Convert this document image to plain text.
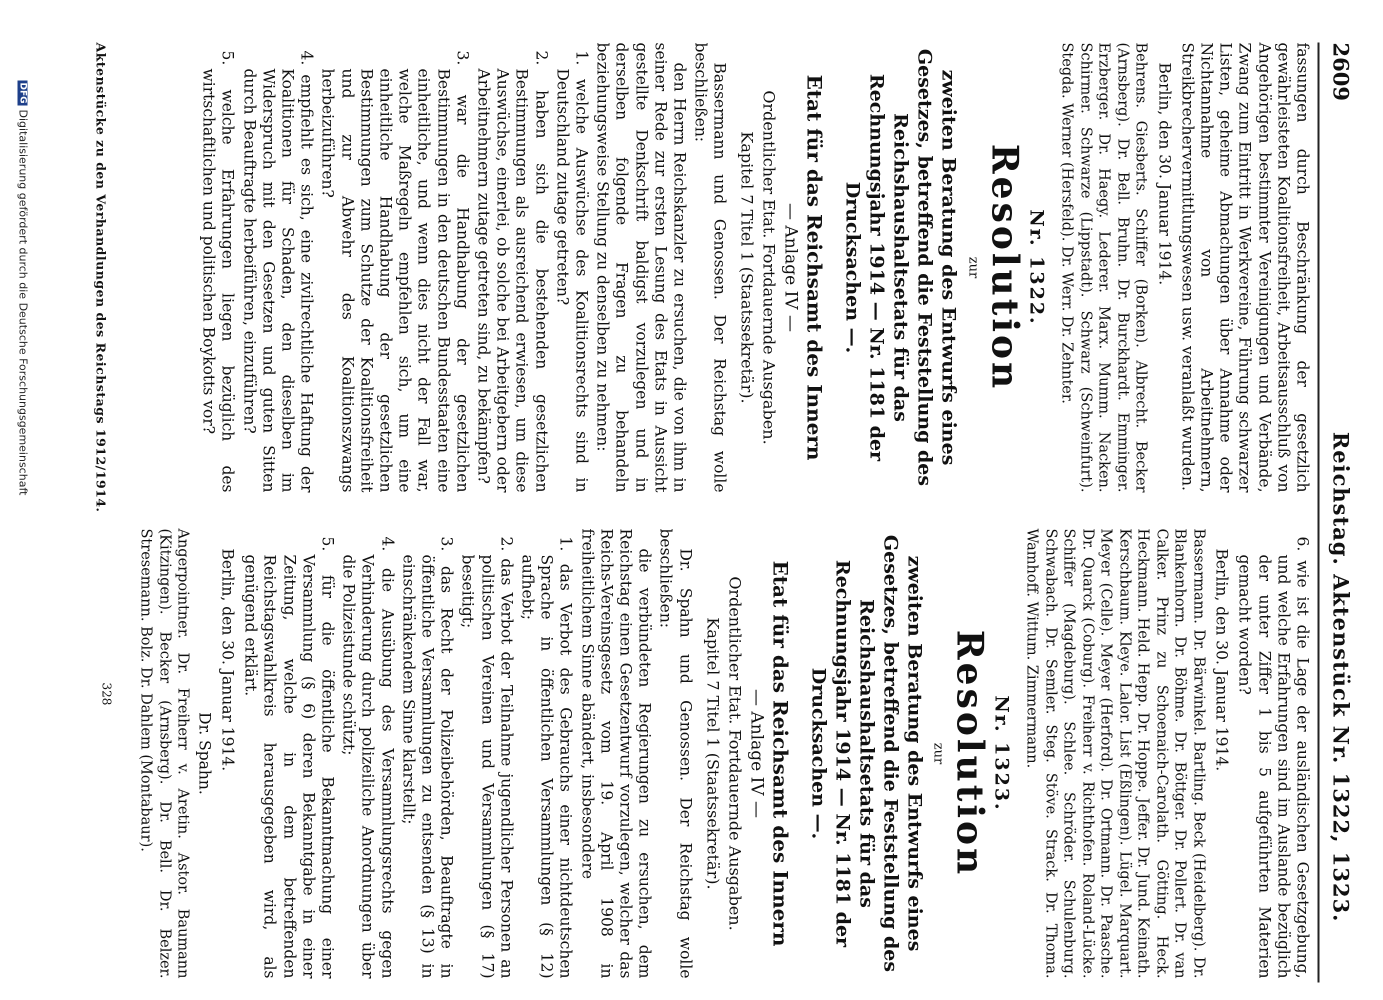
2609
Reichstag. Aktenstück Nr. 1322, 1323.

fassungen durch Beschränkung der gesetzlich gewährleisteten Koalitionsfreiheit, Arbeitsausschluß von Angehörigen bestimmter Vereinigungen und Verbände, Zwang zum Eintritt in Werkvereine, Führung schwarzer Listen, geheime Abmachungen über Annahme oder Nichtannahme von Arbeitnehmern, Streikbrechervermittlungswesen usw. veranlaßt wurden.

Berlin, den 30. Januar 1914.

Behrens. Giesberts. Schiffer (Borken). Albrecht. Becker (Arnsberg). Dr. Bell. Bruhn. Dr. Burckhardt. Emminger. Erzberger. Dr. Haegy. Lederer. Marx. Mumm. Nacken. Schirmer. Schwarze (Lippstadt). Schwarz (Schweinfurt). Stegda. Werner (Hersfeld). Dr. Werr. Dr. Zehnter.

Nr. 1322.

Resolution

zur

zweiten Beratung des Entwurfs eines Gesetzes, betreffend die Feststellung des Reichshaushaltsetats für das Rechnungsjahr 1914 — Nr. 1181 der Drucksachen —.

Etat für das Reichsamt des Innern

— Anlage IV —

Ordentlicher Etat. Fortdauernde Ausgaben.

Kapitel 7 Titel 1 (Staatssekretär).

Bassermann und Genossen. Der Reichstag wolle beschließen:

den Herrn Reichskanzler zu ersuchen, die von ihm in seiner Rede zur ersten Lesung des Etats in Aussicht gestellte Denkschrift baldigst vorzulegen und in derselben folgende Fragen zu behandeln beziehungsweise Stellung zu denselben zu nehmen:

1. welche Auswüchse des Koalitionsrechts sind in Deutschland zutage getreten?

2. haben sich die bestehenden gesetzlichen Bestimmungen als ausreichend erwiesen, um diese Auswüchse, einerlei, ob solche bei Arbeitgebern oder Arbeitnehmern zutage getreten sind, zu bekämpfen?

3. war die Handhabung der gesetzlichen Bestimmungen in den deutschen Bundesstaaten eine einheitliche, und wenn dies nicht der Fall war, welche Maßregeln empfehlen sich, um eine einheitliche Handhabung der gesetzlichen Bestimmungen zum Schutze der Koalitionsfreiheit und zur Abwehr des Koalitionszwangs herbeizuführen?

4. empfiehlt es sich, eine zivilrechtliche Haftung der Koalitionen für Schaden, den dieselben im Widerspruch mit den Gesetzen und guten Sitten durch Beauftragte herbeiführen, einzuführen?

5. welche Erfahrungen liegen bezüglich des wirtschaftlichen und politischen Boykotts vor?

6. wie ist die Lage der ausländischen Gesetzgebung, und welche Erfahrungen sind im Auslande bezüglich der unter Ziffer 1 bis 5 aufgeführten Materien gemacht worden?

Berlin, den 30. Januar 1914.

Bassermann. Dr. Bärwinkel. Bartling. Beck (Heidelberg). Dr. Blankenhorn. Dr. Böhme. Dr. Böttger. Dr. Pollert. Dr. van Calker. Prinz zu Schoenaich-Carolath. Götting. Heck. Heckmann. Held. Hepp. Dr. Hoppe. Jeffer. Dr. Jund. Keinath. Kerschbaum. Kleye. Lalor. List (Eßlingen). Lügel. Marquart. Meyer (Celle). Meyer (Herford). Dr. Ortmann. Dr. Paasche. Dr. Quarck (Coburg). Freiherr v. Richthofen. Roland-Lücke. Schiffer (Magdeburg). Schlee. Schröder. Schulenburg. Schwabach. Dr. Semler. Steg. Stöve. Strack. Dr. Thoma. Wamhoff. Wittum. Zimmermann.

Nr. 1323.

Resolution

zur

zweiten Beratung des Entwurfs eines Gesetzes, betreffend die Feststellung des Reichshaushaltsetats für das Rechnungsjahr 1914 — Nr. 1181 der Drucksachen —.

Etat für das Reichsamt des Innern

— Anlage IV —

Ordentlicher Etat. Fortdauernde Ausgaben.

Kapitel 7 Titel 1 (Staatssekretär).

Dr. Spahn und Genossen. Der Reichstag wolle beschließen:

die verbündeten Regierungen zu ersuchen, dem Reichstag einen Gesetzentwurf vorzulegen, welcher das Reichs-Vereinsgesetz vom 19. April 1908 in freiheitlichem Sinne abändert, insbesondere

1. das Verbot des Gebrauchs einer nichtdeutschen Sprache in öffentlichen Versammlungen (§ 12) aufhebt;

2. das Verbot der Teilnahme jugendlicher Personen an politischen Vereinen und Versammlungen (§ 17) beseitigt;

3. das Recht der Polizeibehörden, Beauftragte in öffentliche Versammlungen zu entsenden (§ 13) in einschränkendem Sinne klarstellt;

4. die Ausübung des Versammlungsrechts gegen Verhinderung durch polizeiliche Anordnungen über die Polizeistunde schützt;

5. für die öffentliche Bekanntmachung einer Versammlung (§ 6) deren Bekanntgabe in einer Zeitung, welche in dem betreffenden Reichstagswahlkreis herausgegeben wird, als genügend erklärt.

Berlin, den 30. Januar 1914.

Dr. Spahn.

Angerpointner. Dr. Freiherr v. Aretin. Astor. Baumann (Kitzingen). Becker (Arnsberg). Dr. Bell. Dr. Belzer. Stresemann. Bolz. Dr. Dahlem (Montabaur).

Aktenstücke zu den Verhandlungen des Reichstags 1912/1914.
328
DFGDigitalisierung gefördert durch die Deutsche Forschungsgemeinschaft
